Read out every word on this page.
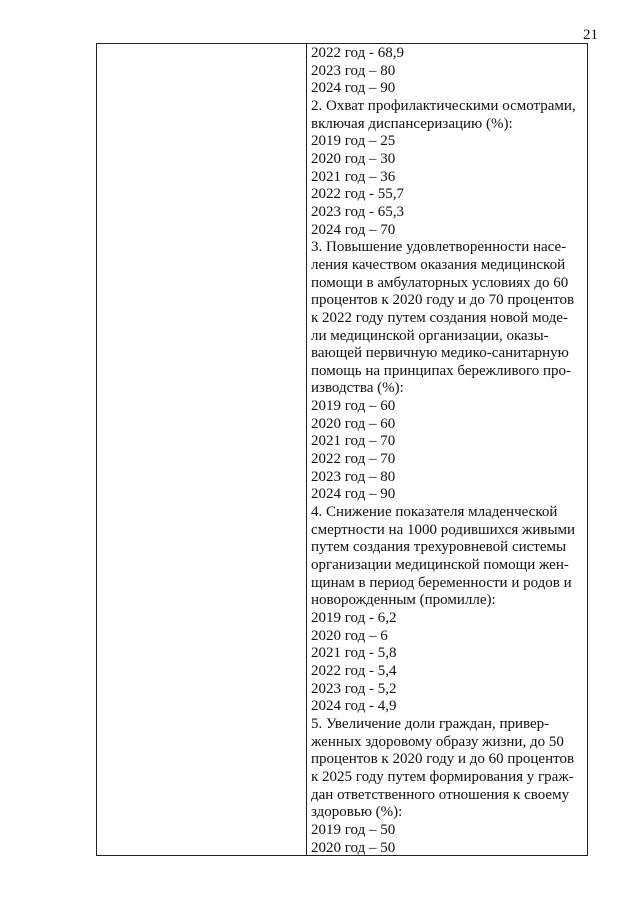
21
2022 год - 68,9
2023 год – 80
2024 год – 90
2. Охват профилактическими осмотрами,
включая диспансеризацию (%):
2019 год – 25
2020 год – 30
2021 год – 36
2022 год - 55,7
2023 год - 65,3
2024 год – 70
3. Повышение удовлетворенности насе-
ления качеством оказания медицинской
помощи в амбулаторных условиях до 60
процентов к 2020 году и до 70 процентов
к 2022 году путем создания новой моде-
ли медицинской организации, оказы-
вающей первичную медико-санитарную
помощь на принципах бережливого про-
изводства (%):
2019 год – 60
2020 год – 60
2021 год – 70
2022 год – 70
2023 год – 80
2024 год – 90
4. Снижение показателя младенческой
смертности на 1000 родившихся живыми
путем создания трехуровневой системы
организации медицинской помощи жен-
щинам в период беременности и родов и
новорожденным (промилле):
2019 год - 6,2
2020 год – 6
2021 год - 5,8
2022 год - 5,4
2023 год - 5,2
2024 год - 4,9
5. Увеличение доли граждан, привер-
женных здоровому образу жизни, до 50
процентов к 2020 году и до 60 процентов
к 2025 году путем формирования у граж-
дан ответственного отношения к своему
здоровью (%):
2019 год – 50
2020 год – 50
